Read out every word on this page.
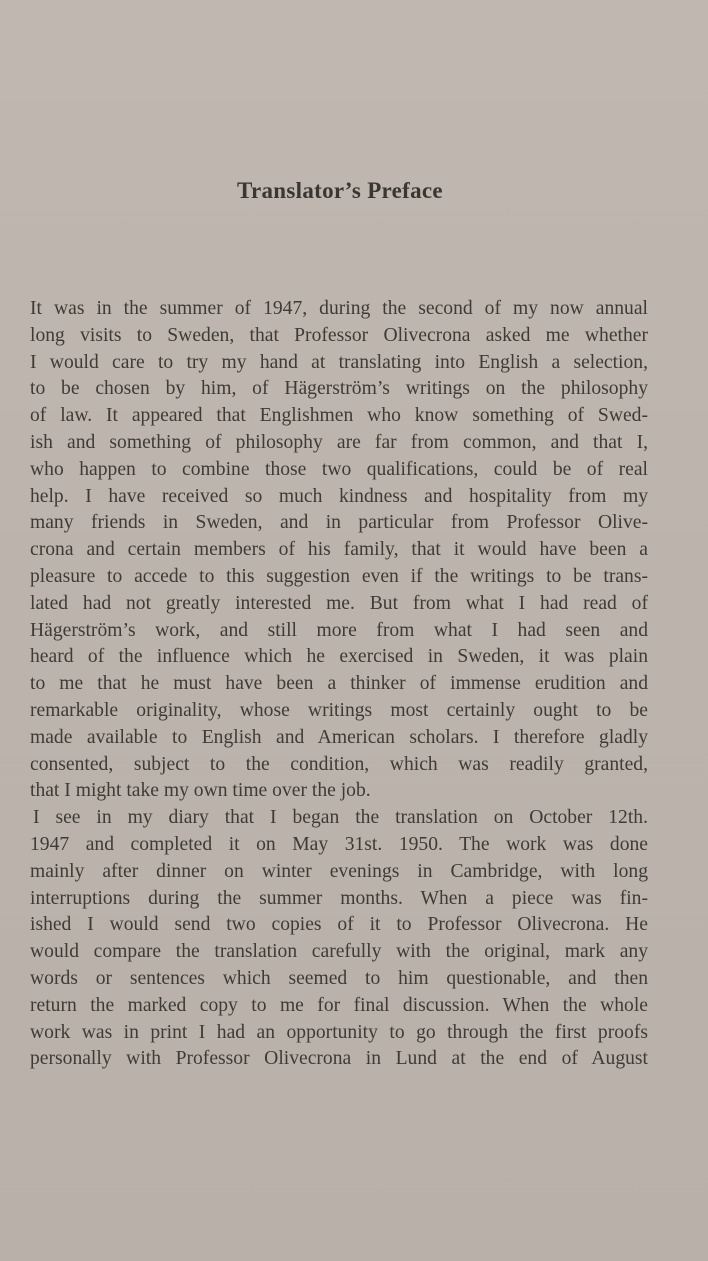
Translator’s Preface
It was in the summer of 1947, during the second of my now annual
long visits to Sweden, that Professor Olivecrona asked me whether
I would care to try my hand at translating into English a selection,
to be chosen by him, of Hägerström’s writings on the philosophy
of law. It appeared that Englishmen who know something of Swed-
ish and something of philosophy are far from common, and that I,
who happen to combine those two qualifications, could be of real
help. I have received so much kindness and hospitality from my
many friends in Sweden, and in particular from Professor Olive-
crona and certain members of his family, that it would have been a
pleasure to accede to this suggestion even if the writings to be trans-
lated had not greatly interested me. But from what I had read of
Hägerström’s work, and still more from what I had seen and
heard of the influence which he exercised in Sweden, it was plain
to me that he must have been a thinker of immense erudition and
remarkable originality, whose writings most certainly ought to be
made available to English and American scholars. I therefore gladly
consented, subject to the condition, which was readily granted,
that I might take my own time over the job.
I see in my diary that I began the translation on October 12th.
1947 and completed it on May 31st. 1950. The work was done
mainly after dinner on winter evenings in Cambridge, with long
interruptions during the summer months. When a piece was fin-
ished I would send two copies of it to Professor Olivecrona. He
would compare the translation carefully with the original, mark any
words or sentences which seemed to him questionable, and then
return the marked copy to me for final discussion. When the whole
work was in print I had an opportunity to go through the first proofs
personally with Professor Olivecrona in Lund at the end of August
